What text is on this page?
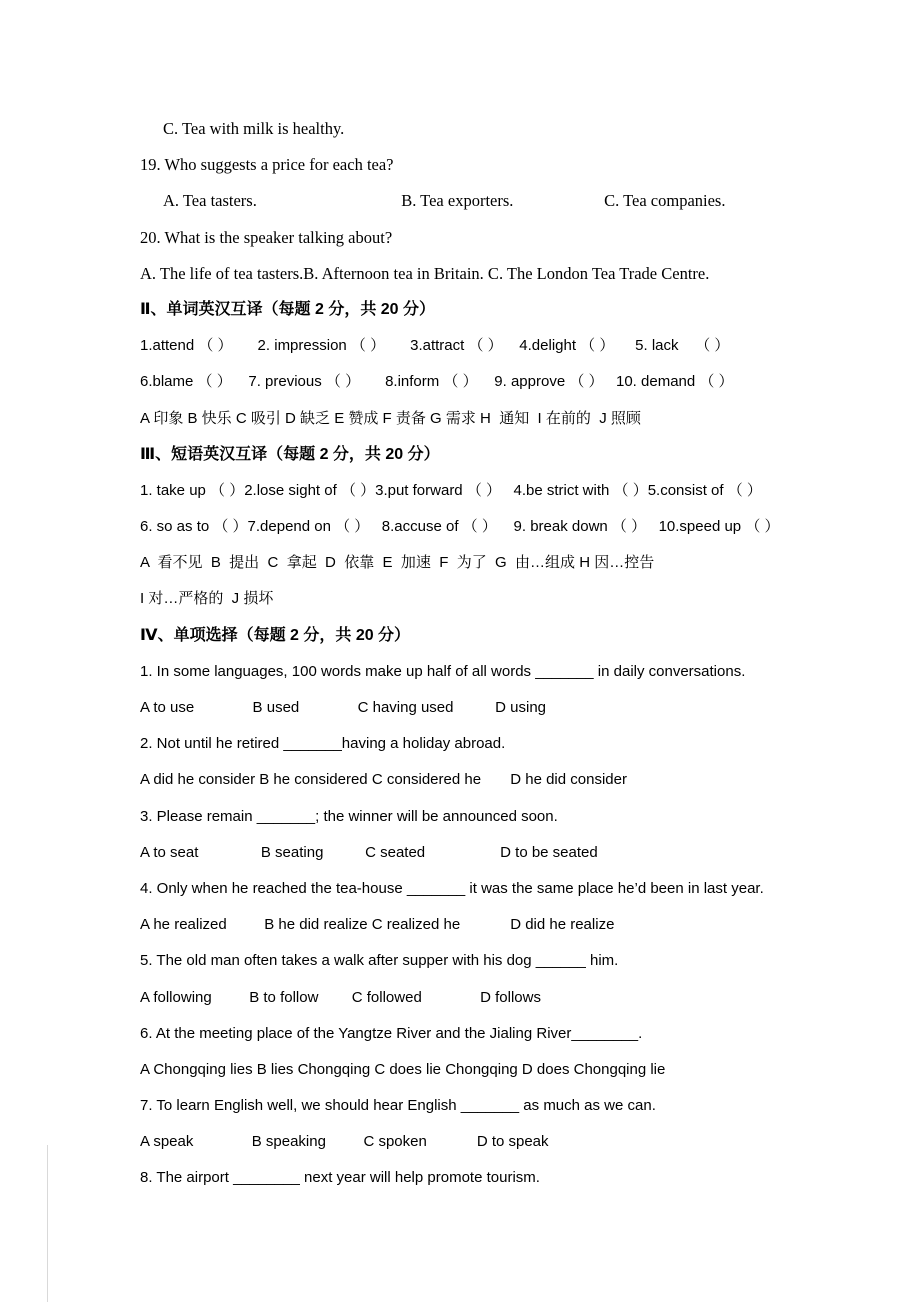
C. Tea with milk is healthy.

19. Who suggests a price for each tea?

A. Tea tasters.                                   B. Tea exporters.                      C. Tea companies.

20. What is the speaker talking about?

A. The life of tea tasters.B. Afternoon tea in Britain. C. The London Tea Trade Centre.

Ⅱ、单词英汉互译（每题 2 分，共 20 分）

1.attend （ ）      2. impression （ ）      3.attract （ ）    4.delight （ ）     5. lack    （ ）

6.blame （ ）    7. previous （ ）      8.inform （ ）    9. approve （ ）   10. demand （ ）

A 印象 B 快乐 C 吸引 D 缺乏 E 赞成 F 责备 G 需求 H  通知  I 在前的  J 照顾

Ⅲ、短语英汉互译（每题 2 分，共 20 分）

1. take up （ ）2.lose sight of （ ）3.put forward （ ）   4.be strict with （ ）5.consist of （ ）

6. so as to （ ）7.depend on （ ）   8.accuse of （ ）    9. break down （ ）   10.speed up （ ）

A  看不见  B  提出  C  拿起  D  依靠  E  加速  F  为了  G  由…组成 H 因…控告

I 对…严格的  J 损坏

Ⅳ、单项选择（每题 2 分，共 20 分）

1. In some languages, 100 words make up half of all words _______ in daily conversations.

A to use              B used              C having used          D using

2. Not until he retired _______having a holiday abroad.

A did he consider B he considered C considered he       D he did consider

3. Please remain _______; the winner will be announced soon.

A to seat               B seating          C seated                  D to be seated

4. Only when he reached the tea-house _______ it was the same place he’d been in last year.

A he realized         B he did realize C realized he            D did he realize

5. The old man often takes a walk after supper with his dog ______ him.

A following         B to follow        C followed              D follows

6. At the meeting place of the Yangtze River and the Jialing River________.

A Chongqing lies B lies Chongqing C does lie Chongqing D does Chongqing lie

7. To learn English well, we should hear English _______ as much as we can.

A speak              B speaking         C spoken            D to speak

8. The airport ________ next year will help promote tourism.
